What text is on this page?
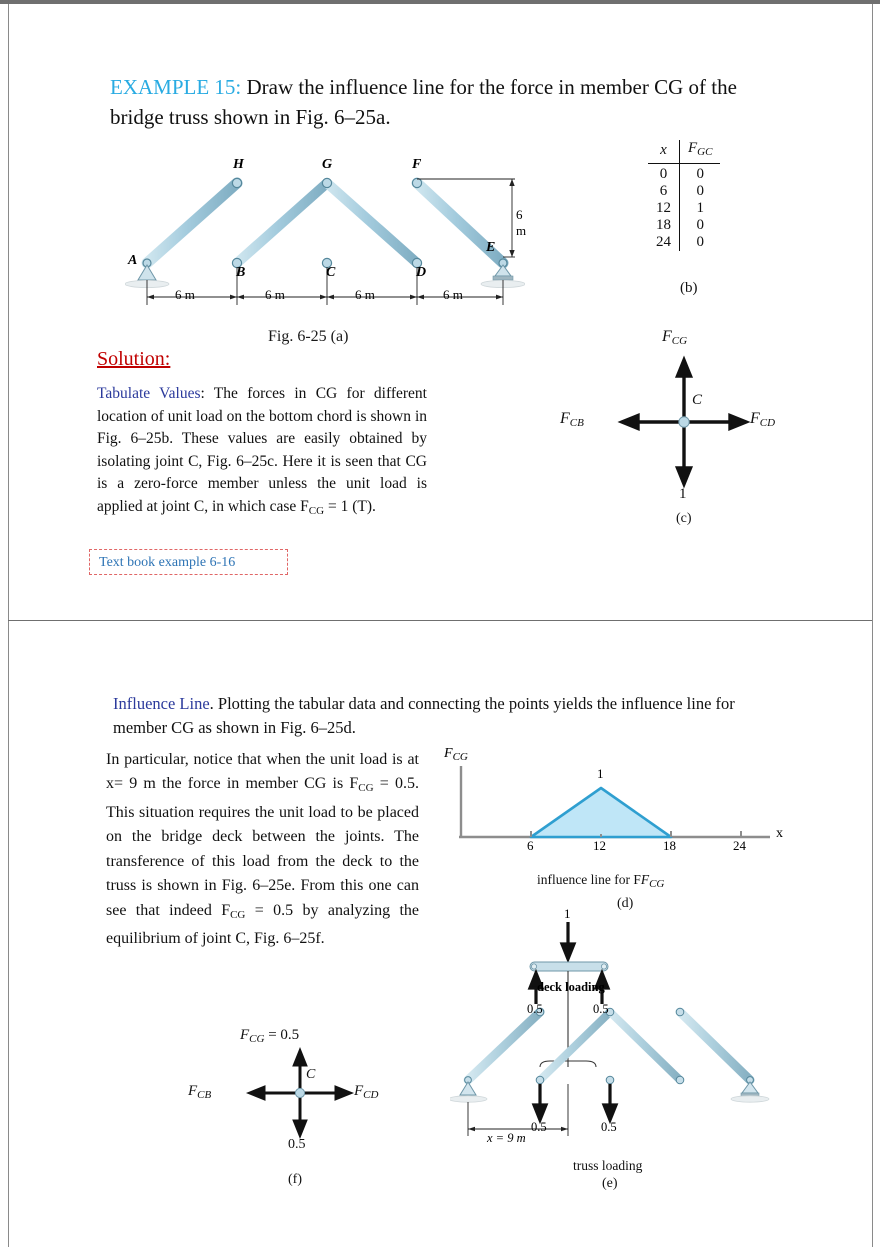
EXAMPLE 15: Draw the influence line for the force in member CG of the bridge truss shown in Fig. 6–25a.
H	G	F
A
B	C	D
E
6 m
6 m	6 m	6 m	6 m
x	$F_{GC}$

0	0
6	0
12	1
18	0
24	0
(b)
Fig. 6-25 (a)
Solution:
Tabulate Values: The forces in CG for different location of unit load on the bottom chord is shown in Fig. 6–25b. These values are easily obtained by isolating joint C, Fig. 6–25c. Here it is seen that CG is a zero-force member unless the unit load is applied at joint C, in which case $F_{CG} = 1$ (T).
Text book example 6-16
$F_{CG}$
$F_{CB}$	$F_{CD}$
1
C
(c)
Influence Line. Plotting the tabular data and connecting the points yields the influence line for member CG as shown in Fig. 6–25d.
In particular, notice that when the unit load is at x= 9 m the force in member CG is $F_{CG} = 0.5$. This situation requires the unit load to be placed on the bridge deck between the joints. The transference of this load from the deck to the truss is shown in Fig. 6–25e. From this one can see that indeed $F_{CG} = 0.5$ by analyzing the equilibrium of joint C, Fig. 6–25f.
$F_{CG}$
x
1
6	12	18	24
influence line for $FF_{CG}$
(d)
1
deck loading
0.5	0.5
0.5	0.5
x = 9 m
truss loading
(e)
$F_{CG} = 0.5$
$F_{CB}$	$F_{CD}$
0.5
C
(f)
